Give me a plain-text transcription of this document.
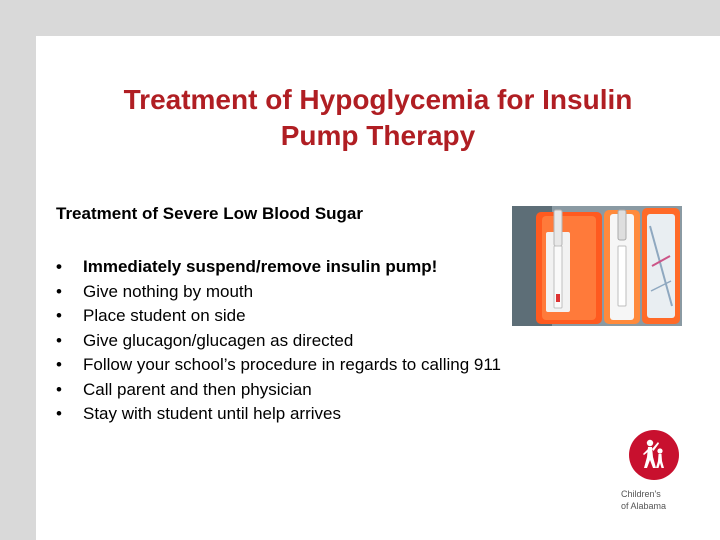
Treatment of Hypoglycemia for Insulin
Pump Therapy
Treatment of Severe Low Blood Sugar
• Immediately suspend/remove insulin pump!
• Give nothing by mouth
• Place student on side
• Give glucagon/glucagen as directed
• Follow your school’s procedure in regards to calling 911
• Call parent and then physician
• Stay with student until help arrives
Children's
of Alabama
